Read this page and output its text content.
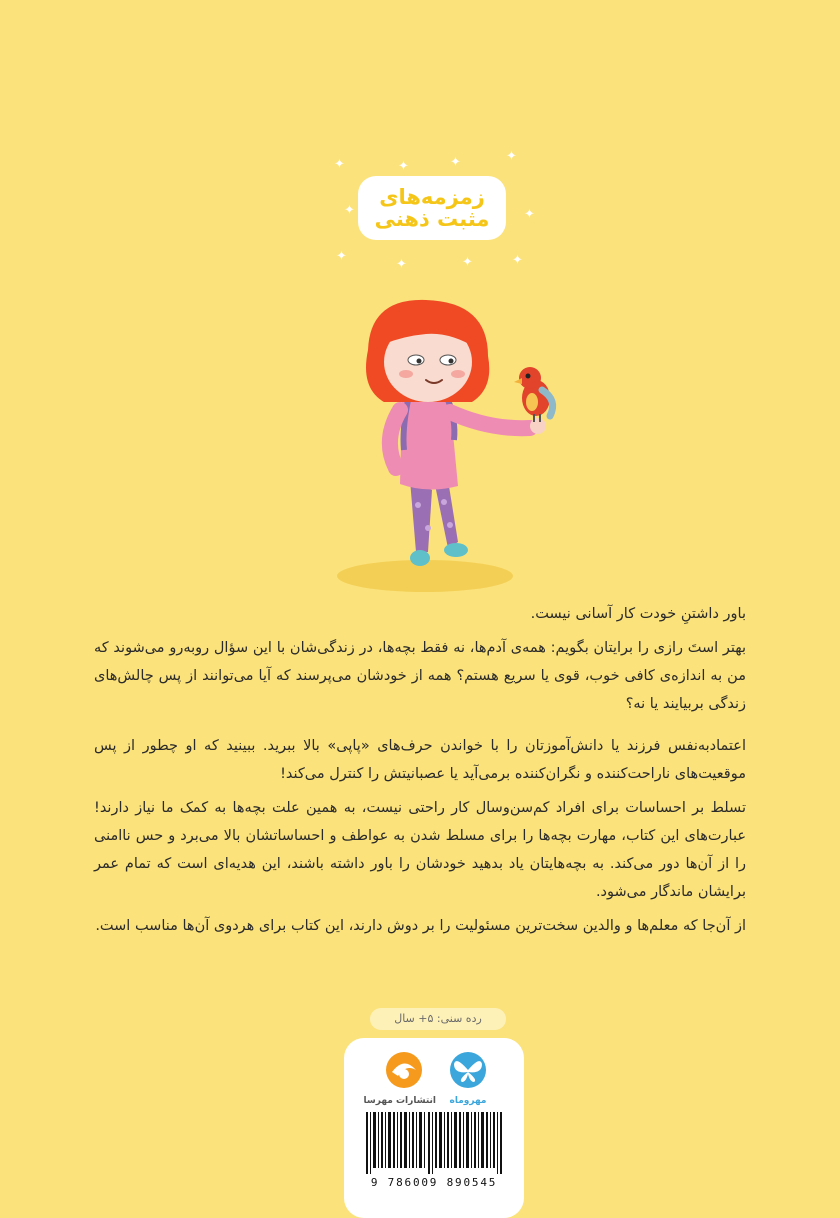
✦	✦	✦	✦
✦	✦
✦
✦	✦	✦
زمزمه‌های
مثبت ذهنی

باور داشتنِ خودت کار آسانی نیست.

بهتر استَ رازی را برایتان بگویم: همه‌ی آدم‌ها، نه فقط بچه‌ها، در زندگی‌شان با این سؤال روبه‌رو می‌شوند که من به اندازه‌ی کافی خوب، قوی یا سریع هستم؟ همه از خودشان می‌پرسند که آیا می‌توانند از پس چالش‌های زندگی بربیایند یا نه؟

اعتمادبه‌نفس فرزند یا دانش‌آموزتان را با خواندن حرف‌های «پاپی» بالا ببرید. ببینید که او چطور از پس موقعیت‌های ناراحت‌کننده و نگران‌کننده برمی‌آید یا عصبانیتش را کنترل می‌کند!

تسلط بر احساسات برای افراد کم‌سن‌وسال کار راحتی نیست، به همین علت بچه‌ها به کمک ما نیاز دارند! عبارت‌های این کتاب، مهارت بچه‌ها را برای مسلط شدن به عواطف و احساساتشان بالا می‌برد و حس ناامنی را از آن‌ها دور می‌کند. به بچه‌هایتان یاد بدهید خودشان را باور داشته باشند، این هدیه‌ای است که تمام عمر برایشان ماندگار می‌شود.

از آن‌جا که معلم‌ها و والدین سخت‌ترین مسئولیت را بر دوش دارند، این کتاب برای هردوی آن‌ها مناسب است.

رده سنی: ۵+ سال
انتشارات مهرسا	مهروماه
9 786009 890545
